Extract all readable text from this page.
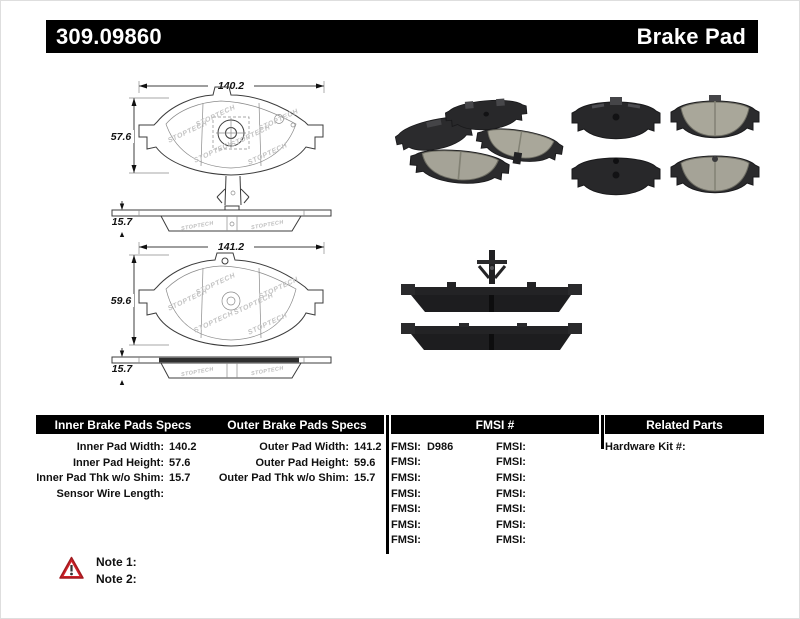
309.09860	Brake Pad
140.2
57.6	STOPTECH
STOPTECH
STOPTECH
STOPTECH
STOPTECH STOPTECH
STOPTECH	STOPTECH
15.7
141.2
59.6	STOPTECH
STOPTECH
STOPTECH
STOPTECH
STOPTECH STOPTECH
STOPTECH	STOPTECH
15.7
Inner Brake Pads Specs	Outer Brake Pads Specs	FMSI #	Related Parts
Inner Pad Width: 140.2
Inner Pad Height: 57.6
Inner Pad Thk w/o Shim: 15.7
Sensor Wire Length:
Outer Pad Width: 141.2
Outer Pad Height: 59.6
Outer Pad Thk w/o Shim: 15.7
FMSI: D986	FMSI:
FMSI:	FMSI:
FMSI:	FMSI:
FMSI:	FMSI:
FMSI:	FMSI:
FMSI:	FMSI:
FMSI:	FMSI:
Hardware Kit #:
Note 1:
Note 2:
